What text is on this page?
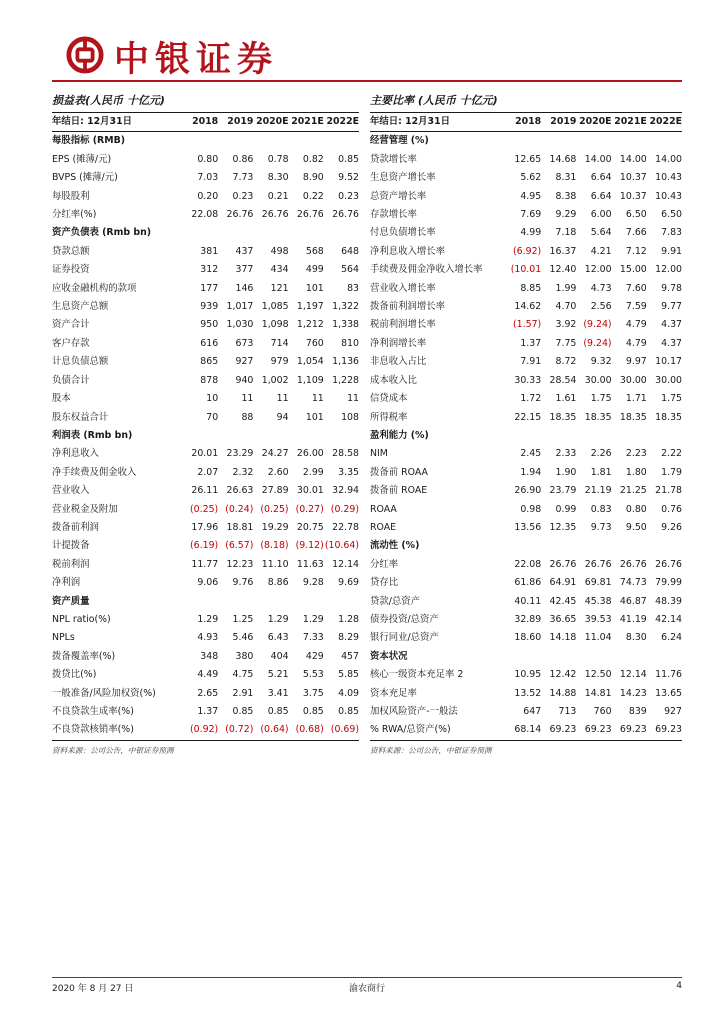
中银证券
损益表(人民币 十亿元)
年结日: 12月31日	2018	2019	2020E	2021E	2022E
每股指标 (RMB)					
EPS (摊薄/元)	0.80	0.86	0.78	0.82	0.85
BVPS (摊薄/元)	7.03	7.73	8.30	8.90	9.52
每股股利	0.20	0.23	0.21	0.22	0.23
分红率(%)	22.08	26.76	26.76	26.76	26.76
资产负债表 (Rmb bn)					
贷款总额	381	437	498	568	648
证券投资	312	377	434	499	564
应收金融机构的款项	177	146	121	101	83
生息资产总额	939	1,017	1,085	1,197	1,322
资产合计	950	1,030	1,098	1,212	1,338
客户存款	616	673	714	760	810
计息负债总额	865	927	979	1,054	1,136
负债合计	878	940	1,002	1,109	1,228
股本	10	11	11	11	11
股东权益合计	70	88	94	101	108
利润表 (Rmb bn)					
净利息收入	20.01	23.29	24.27	26.00	28.58
净手续费及佣金收入	2.07	2.32	2.60	2.99	3.35
营业收入	26.11	26.63	27.89	30.01	32.94
营业税金及附加	(0.25)	(0.24)	(0.25)	(0.27)	(0.29)
拨备前利润	17.96	18.81	19.29	20.75	22.78
计提拨备	(6.19)	(6.57)	(8.18)	(9.12)	(10.64)
税前利润	11.77	12.23	11.10	11.63	12.14
净利润	9.06	9.76	8.86	9.28	9.69
资产质量					
NPL ratio(%)	1.29	1.25	1.29	1.29	1.28
NPLs	4.93	5.46	6.43	7.33	8.29
拨备覆盖率(%)	348	380	404	429	457
拨贷比(%)	4.49	4.75	5.21	5.53	5.85
一般准备/风险加权资(%)	2.65	2.91	3.41	3.75	4.09
不良贷款生成率(%)	1.37	0.85	0.85	0.85	0.85
不良贷款核销率(%)	(0.92)	(0.72)	(0.64)	(0.68)	(0.69)
资料来源：公司公告，中银证券预测
主要比率 (人民币 十亿元)
年结日: 12月31日	2018	2019	2020E	2021E	2022E
经营管理 (%)					
贷款增长率	12.65	14.68	14.00	14.00	14.00
生息资产增长率	5.62	8.31	6.64	10.37	10.43
总资产增长率	4.95	8.38	6.64	10.37	10.43
存款增长率	7.69	9.29	6.00	6.50	6.50
付息负债增长率	4.99	7.18	5.64	7.66	7.83
净利息收入增长率	(6.92)	16.37	4.21	7.12	9.91
手续费及佣金净收入增长率	(10.01	12.40	12.00	15.00	12.00
营业收入增长率	8.85	1.99	4.73	7.60	9.78
拨备前利润增长率	14.62	4.70	2.56	7.59	9.77
税前利润增长率	(1.57)	3.92	(9.24)	4.79	4.37
净利润增长率	1.37	7.75	(9.24)	4.79	4.37
非息收入占比	7.91	8.72	9.32	9.97	10.17
成本收入比	30.33	28.54	30.00	30.00	30.00
信贷成本	1.72	1.61	1.75	1.71	1.75
所得税率	22.15	18.35	18.35	18.35	18.35
盈利能力 (%)					
NIM	2.45	2.33	2.26	2.23	2.22
拨备前 ROAA	1.94	1.90	1.81	1.80	1.79
拨备前 ROAE	26.90	23.79	21.19	21.25	21.78
ROAA	0.98	0.99	0.83	0.80	0.76
ROAE	13.56	12.35	9.73	9.50	9.26
流动性 (%)					
分红率	22.08	26.76	26.76	26.76	26.76
贷存比	61.86	64.91	69.81	74.73	79.99
贷款/总资产	40.11	42.45	45.38	46.87	48.39
债券投资/总资产	32.89	36.65	39.53	41.19	42.14
银行同业/总资产	18.60	14.18	11.04	8.30	6.24
资本状况					
核心一级资本充足率 2	10.95	12.42	12.50	12.14	11.76
资本充足率	13.52	14.88	14.81	14.23	13.65
加权风险资产-一般法	647	713	760	839	927
% RWA/总资产(%)	68.14	69.23	69.23	69.23	69.23
资料来源：公司公告，中银证券预测
2020 年 8 月 27 日	渝农商行	4
